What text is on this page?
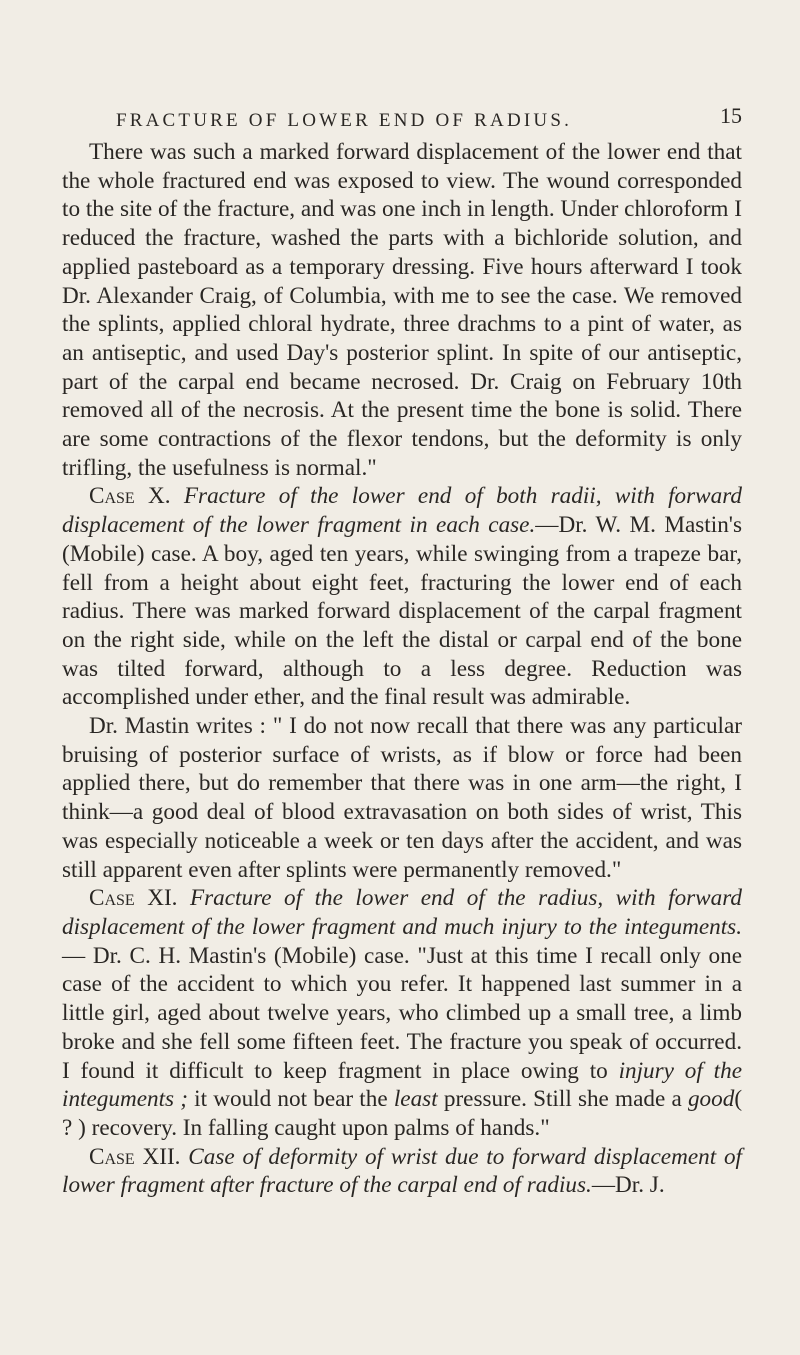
FRACTURE OF LOWER END OF RADIUS.	15

There was such a marked forward displacement of the lower end that the whole fractured end was exposed to view. The wound corresponded to the site of the fracture, and was one inch in length. Under chloroform I reduced the fracture, washed the parts with a bichloride solution, and applied pasteboard as a temporary dressing. Five hours afterward I took Dr. Alexander Craig, of Columbia, with me to see the case. We removed the splints, applied chloral hydrate, three drachms to a pint of water, as an antiseptic, and used Day's posterior splint. In spite of our antiseptic, part of the carpal end became necrosed. Dr. Craig on February 10th removed all of the necrosis. At the present time the bone is solid. There are some contractions of the flexor tendons, but the deformity is only trifling, the usefulness is normal."

Case X. Fracture of the lower end of both radii, with forward displacement of the lower fragment in each case.—Dr. W. M. Mastin's (Mobile) case. A boy, aged ten years, while swinging from a trapeze bar, fell from a height about eight feet, fracturing the lower end of each radius. There was marked forward displacement of the carpal fragment on the right side, while on the left the distal or carpal end of the bone was tilted forward, although to a less degree. Reduction was accomplished under ether, and the final result was admirable.

Dr. Mastin writes : " I do not now recall that there was any particular bruising of posterior surface of wrists, as if blow or force had been applied there, but do remember that there was in one arm—the right, I think—a good deal of blood extravasation on both sides of wrist, This was especially noticeable a week or ten days after the accident, and was still apparent even after splints were permanently removed."

Case XI. Fracture of the lower end of the radius, with forward displacement of the lower fragment and much injury to the integuments.— Dr. C. H. Mastin's (Mobile) case. "Just at this time I recall only one case of the accident to which you refer. It happened last summer in a little girl, aged about twelve years, who climbed up a small tree, a limb broke and she fell some fifteen feet. The fracture you speak of occurred. I found it difficult to keep fragment in place owing to injury of the integuments ; it would not bear the least pressure. Still she made a good( ? ) recovery. In falling caught upon palms of hands."

Case XII. Case of deformity of wrist due to forward displacement of lower fragment after fracture of the carpal end of radius.—Dr. J.
